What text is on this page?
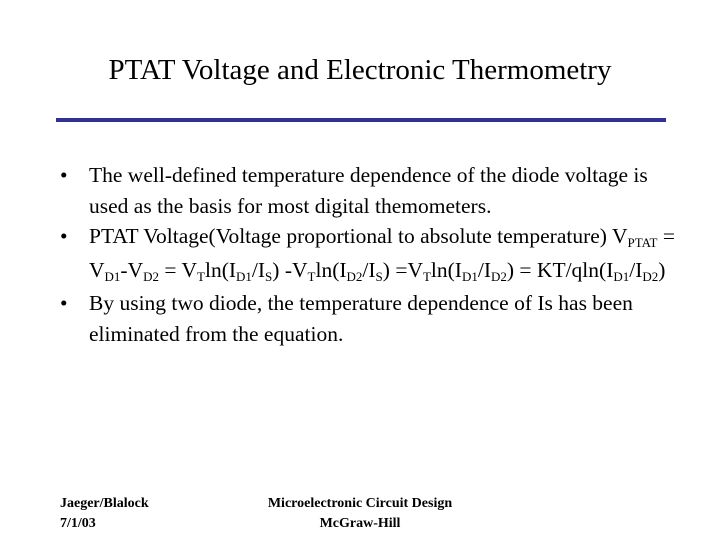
PTAT Voltage and Electronic Thermometry
• The well-defined temperature dependence of the diode voltage is used as the basis for most digital themometers.
• PTAT Voltage(Voltage proportional to absolute temperature) $V_{PTAT} = V_{D1}-V_{D2} = V_T\ln(I_{D1}/I_S)$ $-V_T\ln(I_{D2}/I_S) =V_T\ln(I_{D1}/I_{D2}) = KT/qln(I_{D1}/I_{D2})$
• By using two diode, the temperature dependence of Is has been eliminated from the equation.
Jaeger/Blalock
7/1/03
Microelectronic Circuit Design
McGraw-Hill
